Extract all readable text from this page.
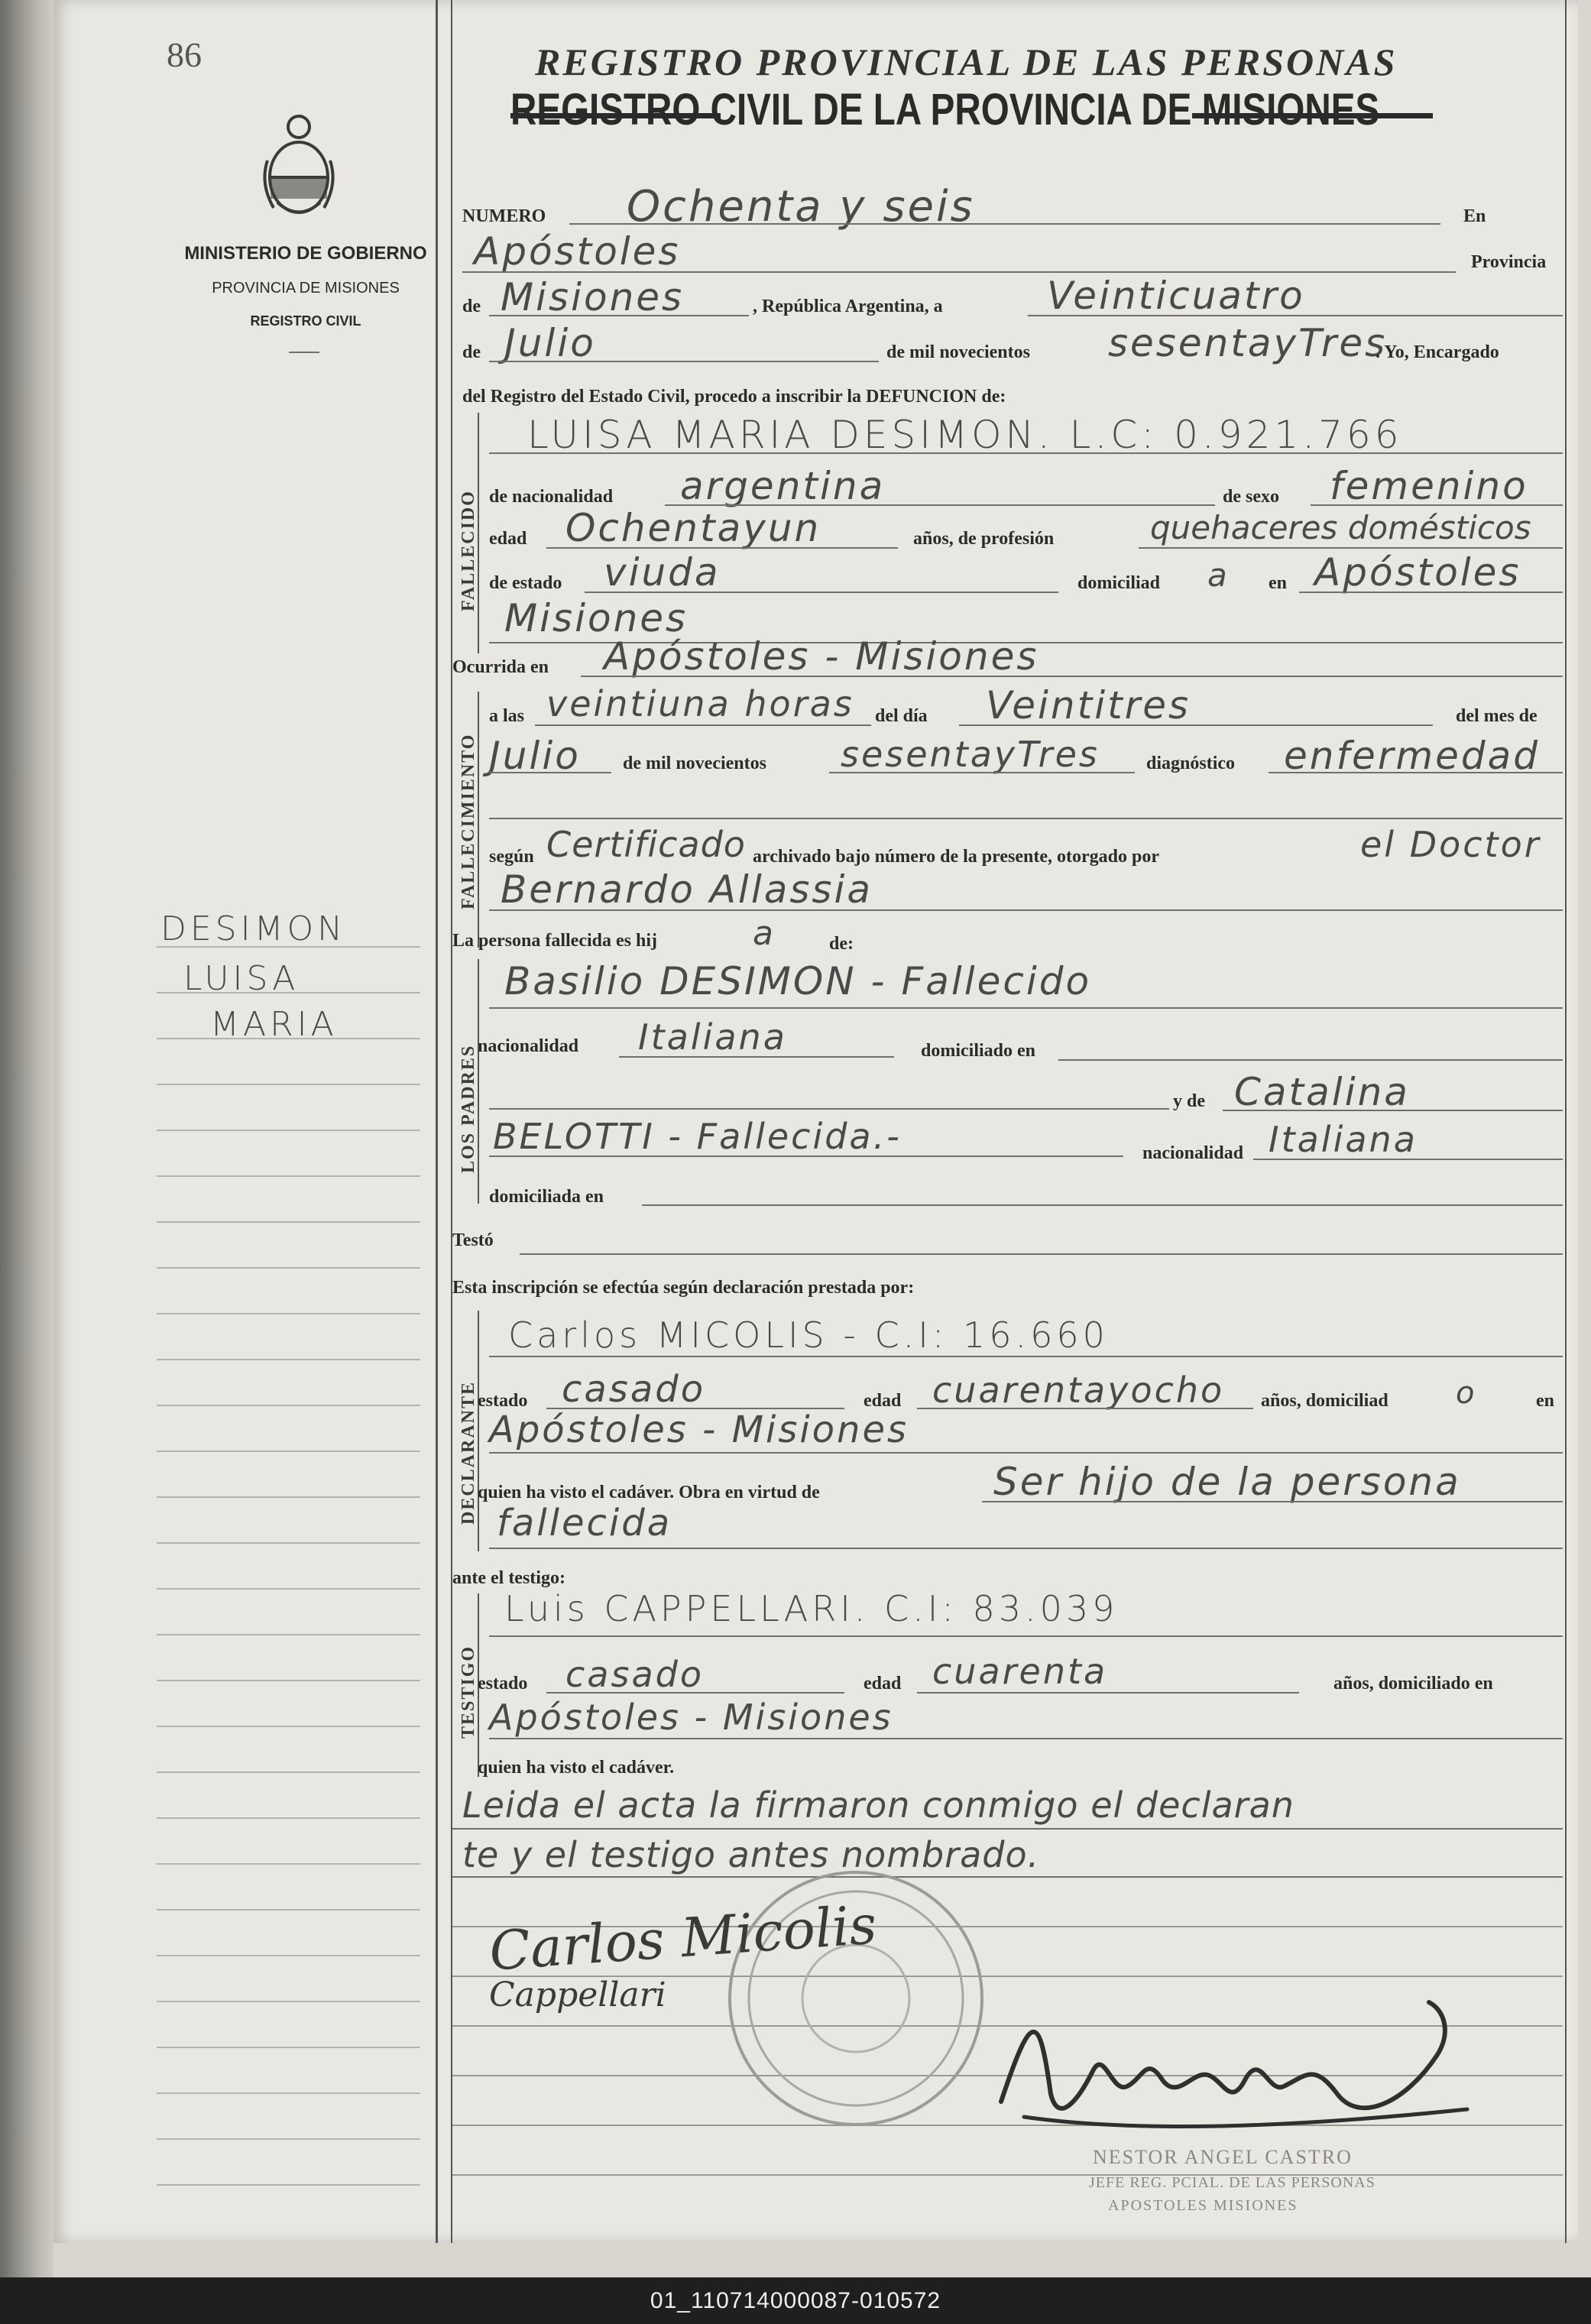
86	REGISTRO PROVINCIAL DE LAS PERSONAS
REGISTRO CIVIL DE LA PROVINCIA DE MISIONES
MINISTERIO DE GOBIERNO
PROVINCIA DE MISIONES
REGISTRO CIVIL
DESIMON
LUISA
MARIA
NUMERO Ochenta y seis	En
Apóstoles	Provincia
de Misiones	, República Argentina, a	Veinticuatro
de Julio	de mil novecientos sesentayTres
. Yo, Encargado
del Registro del Estado Civil, procedo a inscribir la DEFUNCION de:
FALLECIDO
LUISA MARIA DESIMON. L.C: 0.921.766
de nacionalidad argentina	de sexo femenino
edad Ochentayun	años, de profesión	quehaceres domésticos
de estado viuda	domiciliad a en Apóstoles
Misiones
Ocurrida en Apóstoles - Misiones
FALLECIMIENTO
a las veintiuna horas del día Veintitres	del mes de
Julio de mil novecientos sesentayTres	diagnóstico enfermedad
según Certificado archivado bajo número de la presente, otorgado por	el Doctor
Bernardo Allassia
La persona fallecida es hij	a	de:
LOS PADRES
Basilio DESIMON - Fallecido
nacionalidad Italiana	domiciliado en
y de Catalina
BELOTTI - Fallecida.-	nacionalidad Italiana
domiciliada en
Testó
Esta inscripción se efectúa según declaración prestada por:
DECLARANTE
Carlos MICOLIS - C.I: 16.660
estado casado	edad cuarentayocho años, domiciliad o	en
Apóstoles - Misiones
quien ha visto el cadáver. Obra en virtud de	Ser hijo de la persona
fallecida
ante el testigo:
TESTIGO
Luis CAPPELLARI. C.I: 83.039
estado casado	edad cuarenta	años, domiciliado en
Apóstoles - Misiones
quien ha visto el cadáver.
Leida el acta la firmaron conmigo el declaran
te y el testigo antes nombrado.
Carlos Micolis
Cappellari
NESTOR ANGEL CASTRO
JEFE REG. PCIAL. DE LAS PERSONAS
APOSTOLES MISIONES
01_110714000087-010572
